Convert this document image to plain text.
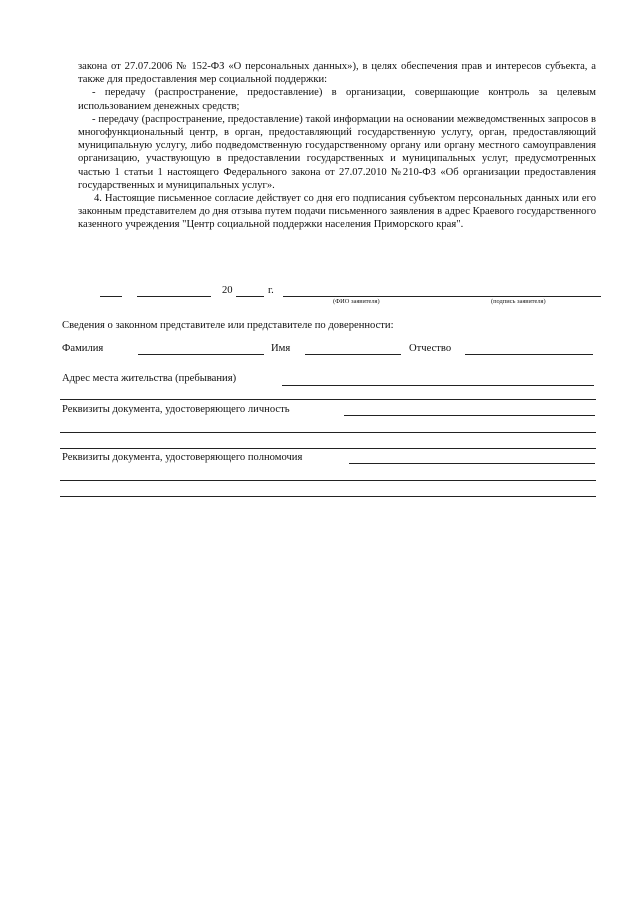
закона от 27.07.2006 № 152-ФЗ «О персональных данных»), в целях обеспечения прав и интересов субъекта, а также для предоставления мер социальной поддержки:

- передачу (распространение, предоставление) в организации, совершающие контроль за целевым использованием денежных средств;

- передачу (распространение, предоставление) такой информации на основании межведомственных запросов в многофункциональный центр, в орган, предоставляющий государственную услугу, орган, предоставляющий муниципальную услугу, либо подведомственную государственному органу или органу местного самоуправления организацию, участвующую в предоставлении государственных и муниципальных услуг, предусмотренных частью 1 статьи 1 настоящего Федерального закона от 27.07.2010 №210-ФЗ «Об организации предоставления государственных и муниципальных услуг».

4. Настоящие письменное согласие действует со дня его подписания субъектом персональных данных или его законным представителем до дня отзыва путем подачи письменного заявления в адрес Краевого государственного казенного учреждения "Центр социальной поддержки населения Приморского края".

20	г.
(ФИО заявителя)	(подпись заявителя)
Сведения о законном представителе или представителе по доверенности:
Фамилия	Имя	Отчество
Адрес места жительства (пребывания)
Реквизиты документа, удостоверяющего личность
Реквизиты документа, удостоверяющего полномочия
